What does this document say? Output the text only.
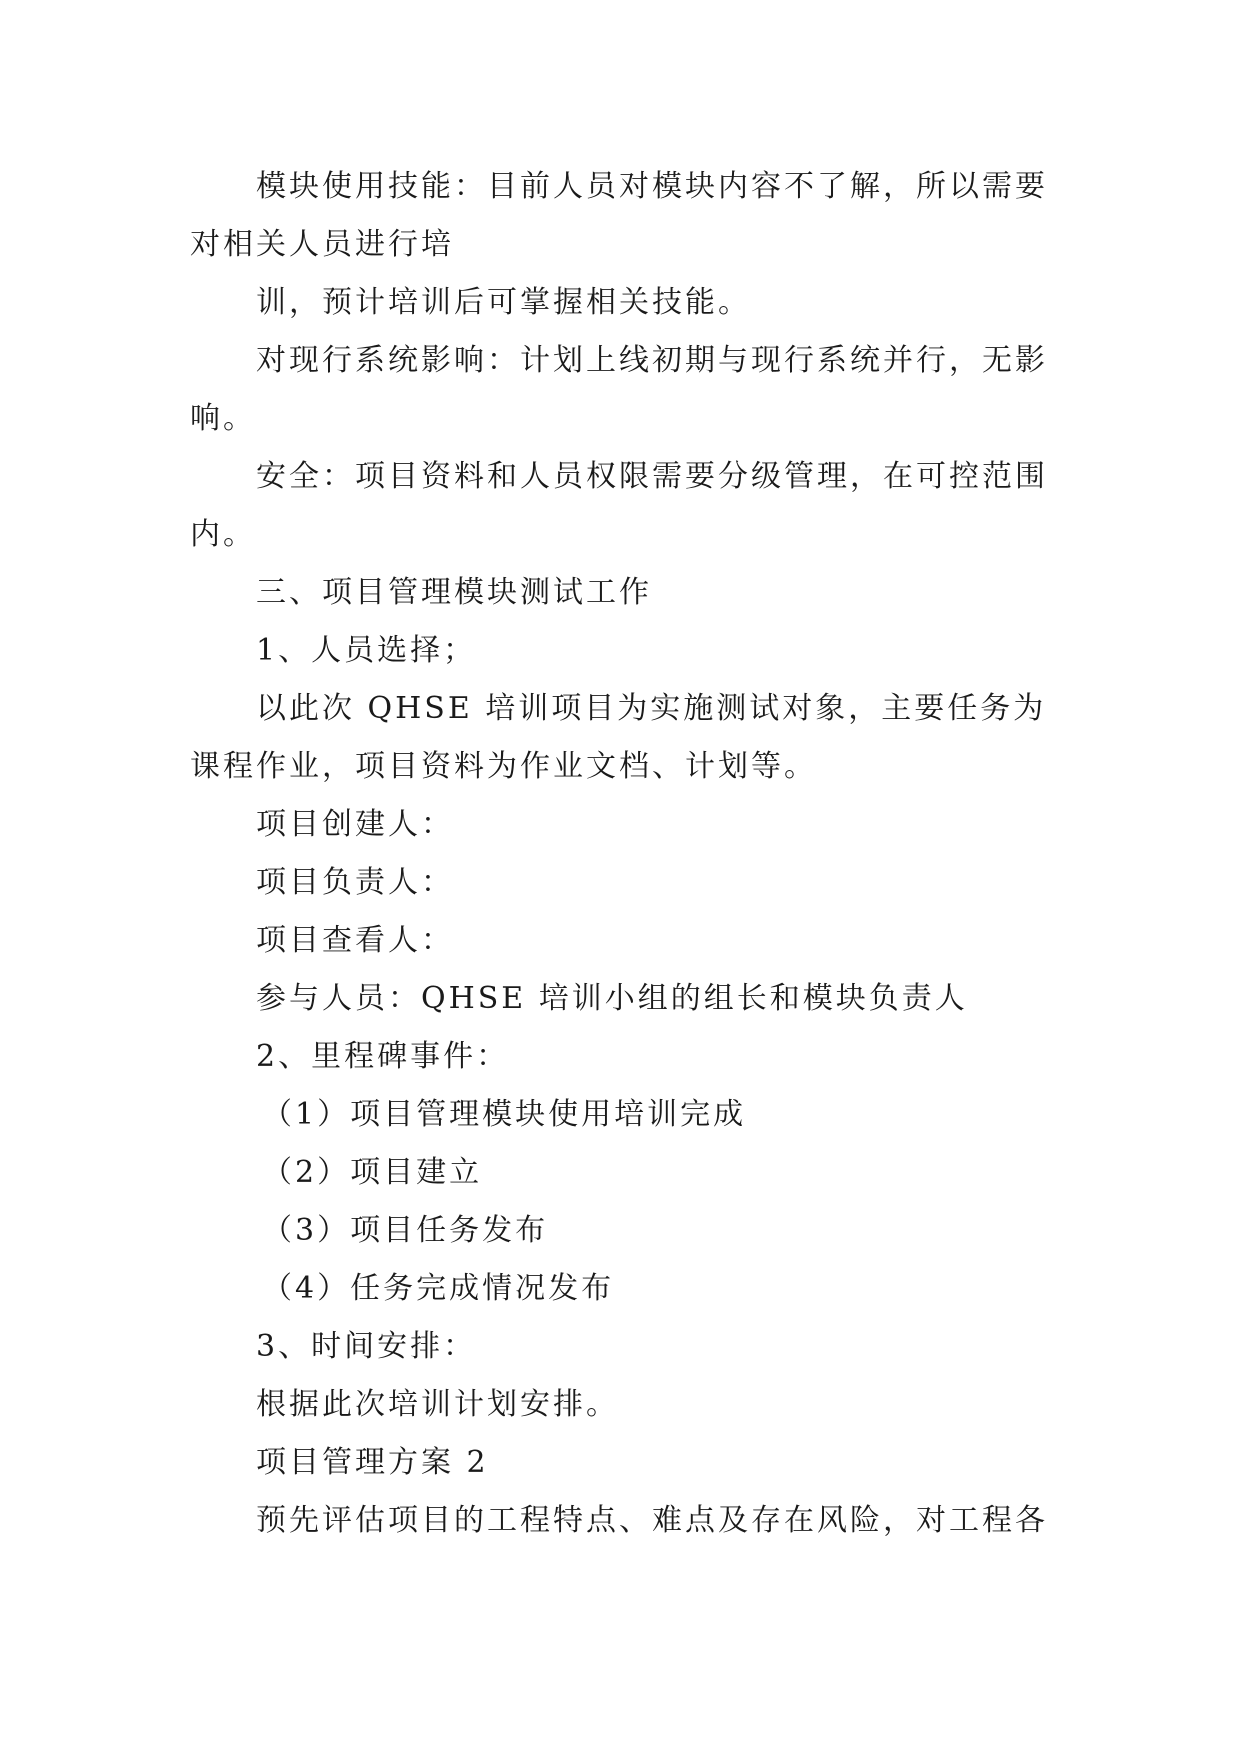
模块使用技能：目前人员对模块内容不了解，所以需要对相关人员进行培

训，预计培训后可掌握相关技能。

对现行系统影响：计划上线初期与现行系统并行，无影响。

安全：项目资料和人员权限需要分级管理，在可控范围内。

三、项目管理模块测试工作

1、人员选择；

以此次 QHSE 培训项目为实施测试对象，主要任务为课程作业，项目资料为作业文档、计划等。

项目创建人：

项目负责人：

项目查看人：

参与人员：QHSE 培训小组的组长和模块负责人

2、里程碑事件：

（1）项目管理模块使用培训完成

（2）项目建立

（3）项目任务发布

（4）任务完成情况发布

3、时间安排：

根据此次培训计划安排。

项目管理方案 2

预先评估项目的工程特点、难点及存在风险，对工程各
